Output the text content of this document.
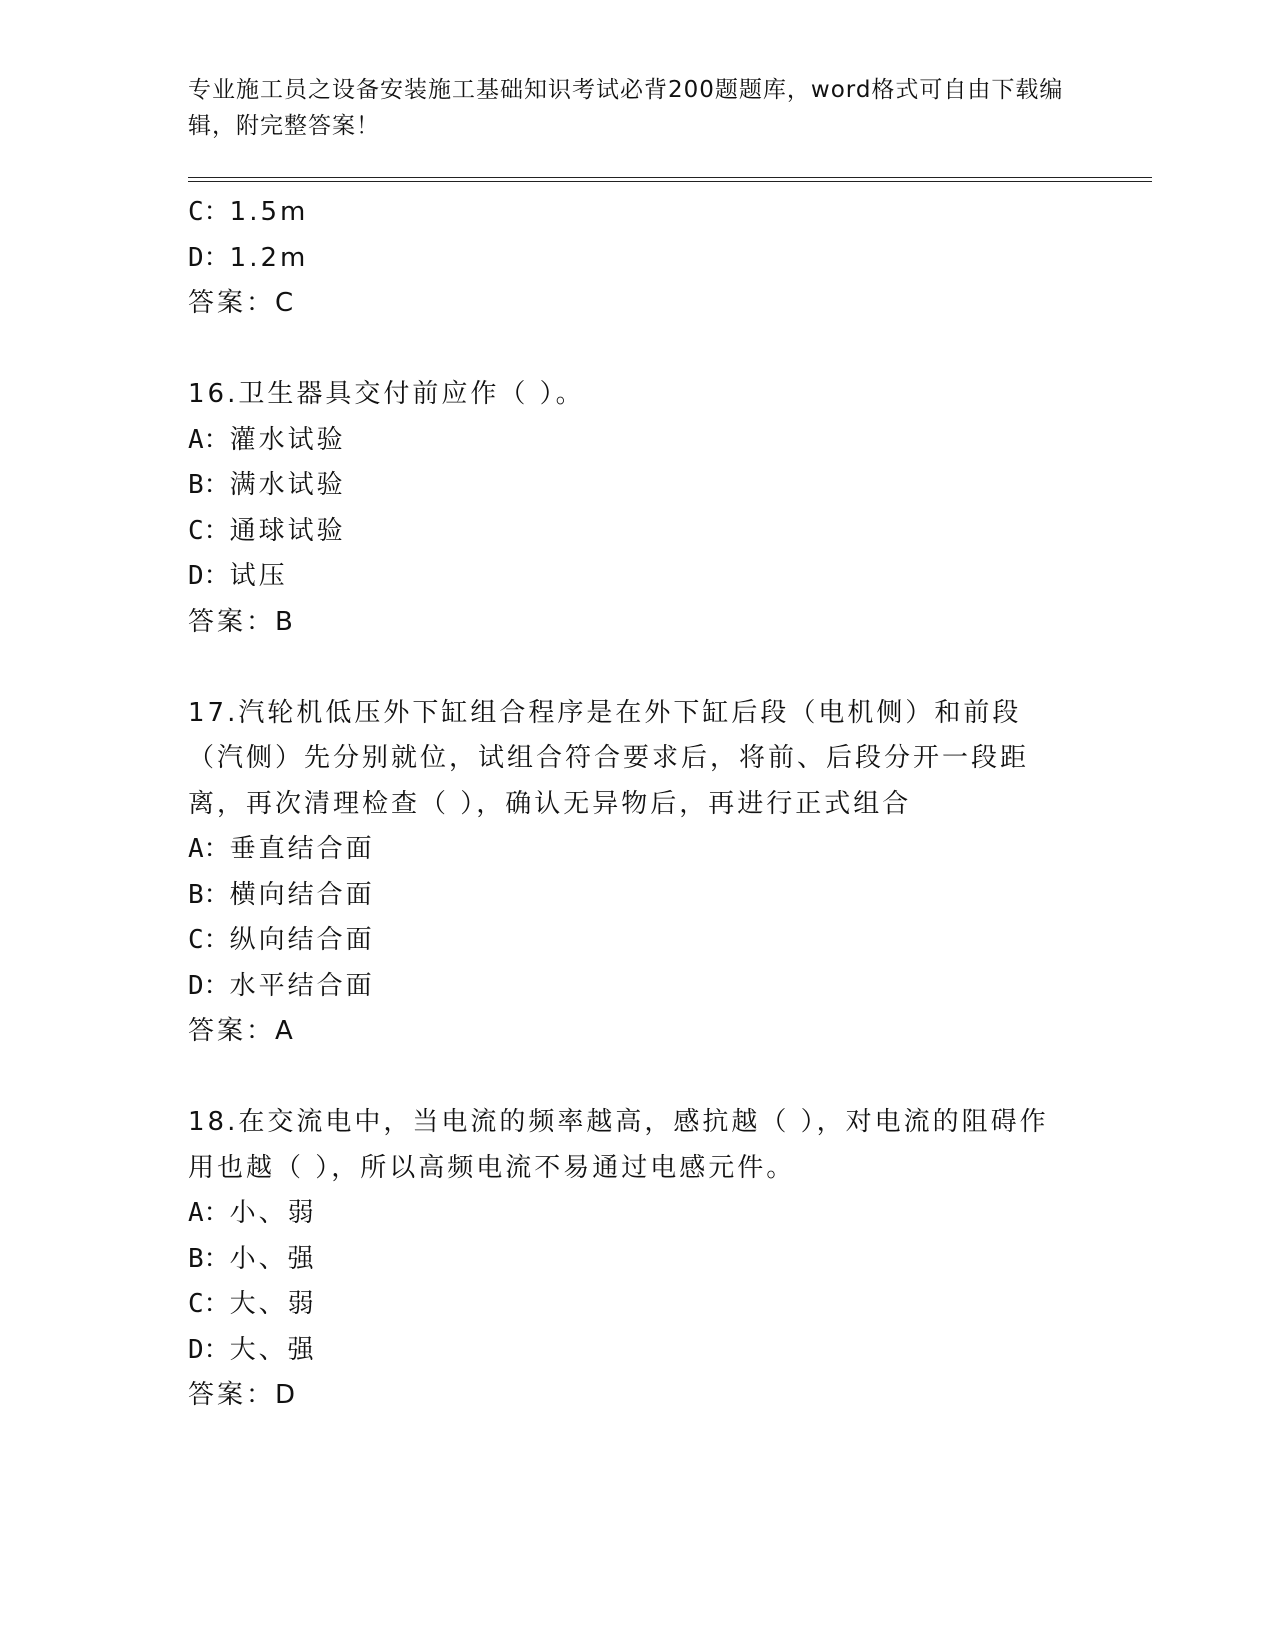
专业施工员之设备安装施工基础知识考试必背200题题库，word格式可自由下载编辑，附完整答案！
C：1.5m
D：1.2m
答案：C
16.卫生器具交付前应作（ ）。
A：灌水试验
B：满水试验
C：通球试验
D：试压
答案：B
17.汽轮机低压外下缸组合程序是在外下缸后段（电机侧）和前段（汽侧）先分别就位，试组合符合要求后，将前、后段分开一段距离，再次清理检查（ ），确认无异物后，再进行正式组合
A：垂直结合面
B：横向结合面
C：纵向结合面
D：水平结合面
答案：A
18.在交流电中，当电流的频率越高，感抗越（ ），对电流的阻碍作用也越（ ），所以高频电流不易通过电感元件。
A：小、弱
B：小、强
C：大、弱
D：大、强
答案：D
